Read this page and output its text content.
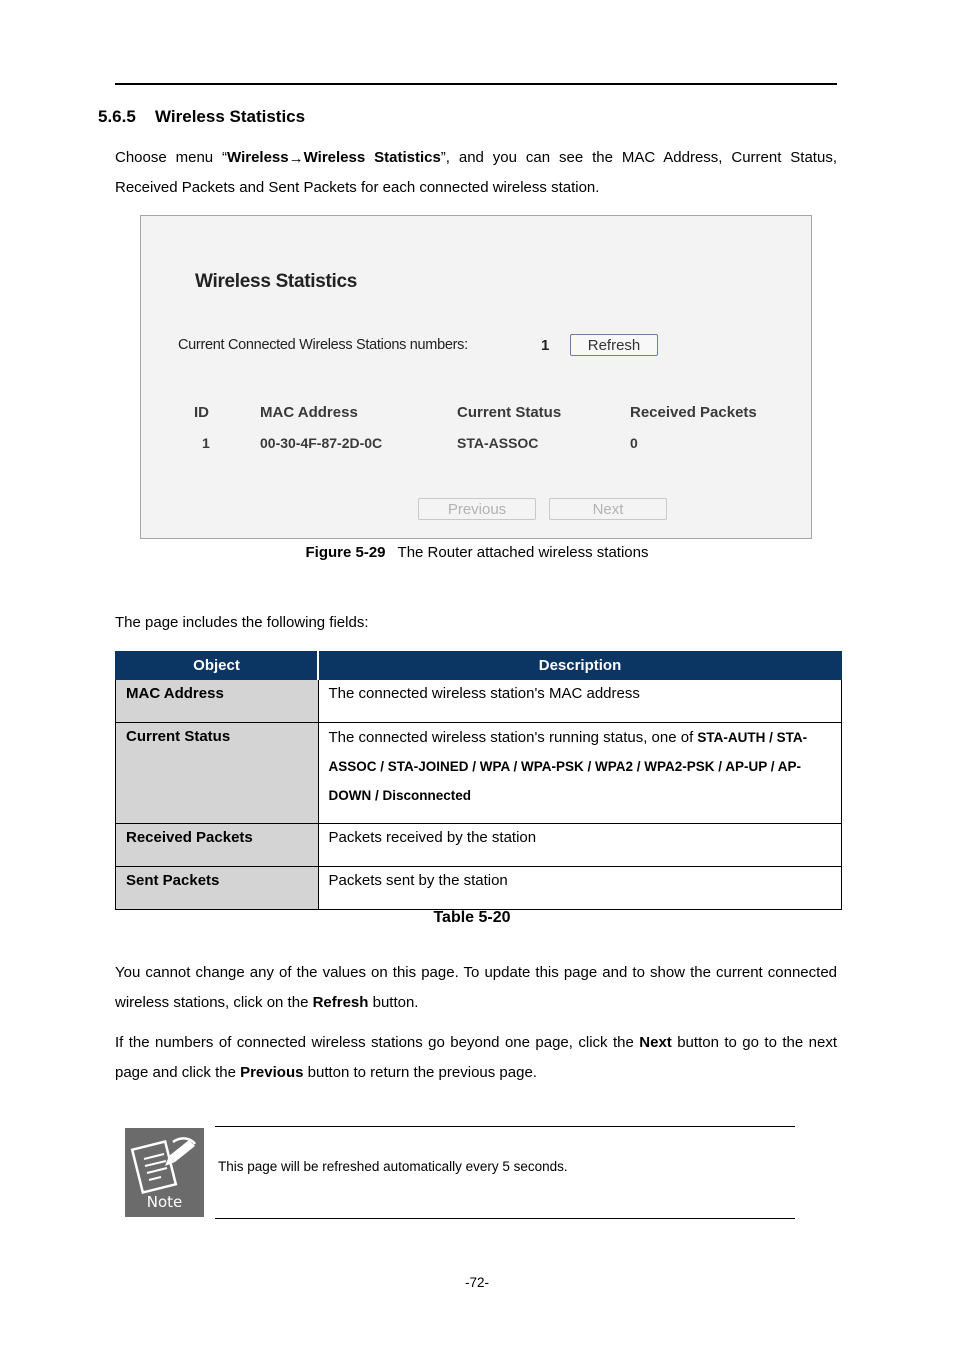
5.6.5 Wireless Statistics
Choose menu “Wireless→Wireless Statistics”, and you can see the MAC Address, Current Status, Received Packets and Sent Packets for each connected wireless station.
Wireless Statistics
Current Connected Wireless Stations numbers:	1	Refresh
ID	MAC Address	Current Status	Received Packets
1	00-30-4F-87-2D-0C	STA-ASSOC	0
Previous	Next
Figure 5-29 The Router attached wireless stations
The page includes the following fields:
Object	Description
MAC Address	The connected wireless station's MAC address
Current Status	The connected wireless station's running status, one of STA-AUTH / STA-ASSOC / STA-JOINED / WPA / WPA-PSK / WPA2 / WPA2-PSK / AP-UP / AP-DOWN / Disconnected

Received Packets	Packets received by the station
Sent Packets	Packets sent by the station
Table 5-20
You cannot change any of the values on this page. To update this page and to show the current connected wireless stations, click on the Refresh button.
If the numbers of connected wireless stations go beyond one page, click the Next button to go to the next page and click the Previous button to return the previous page.
Note
This page will be refreshed automatically every 5 seconds.
-72-
